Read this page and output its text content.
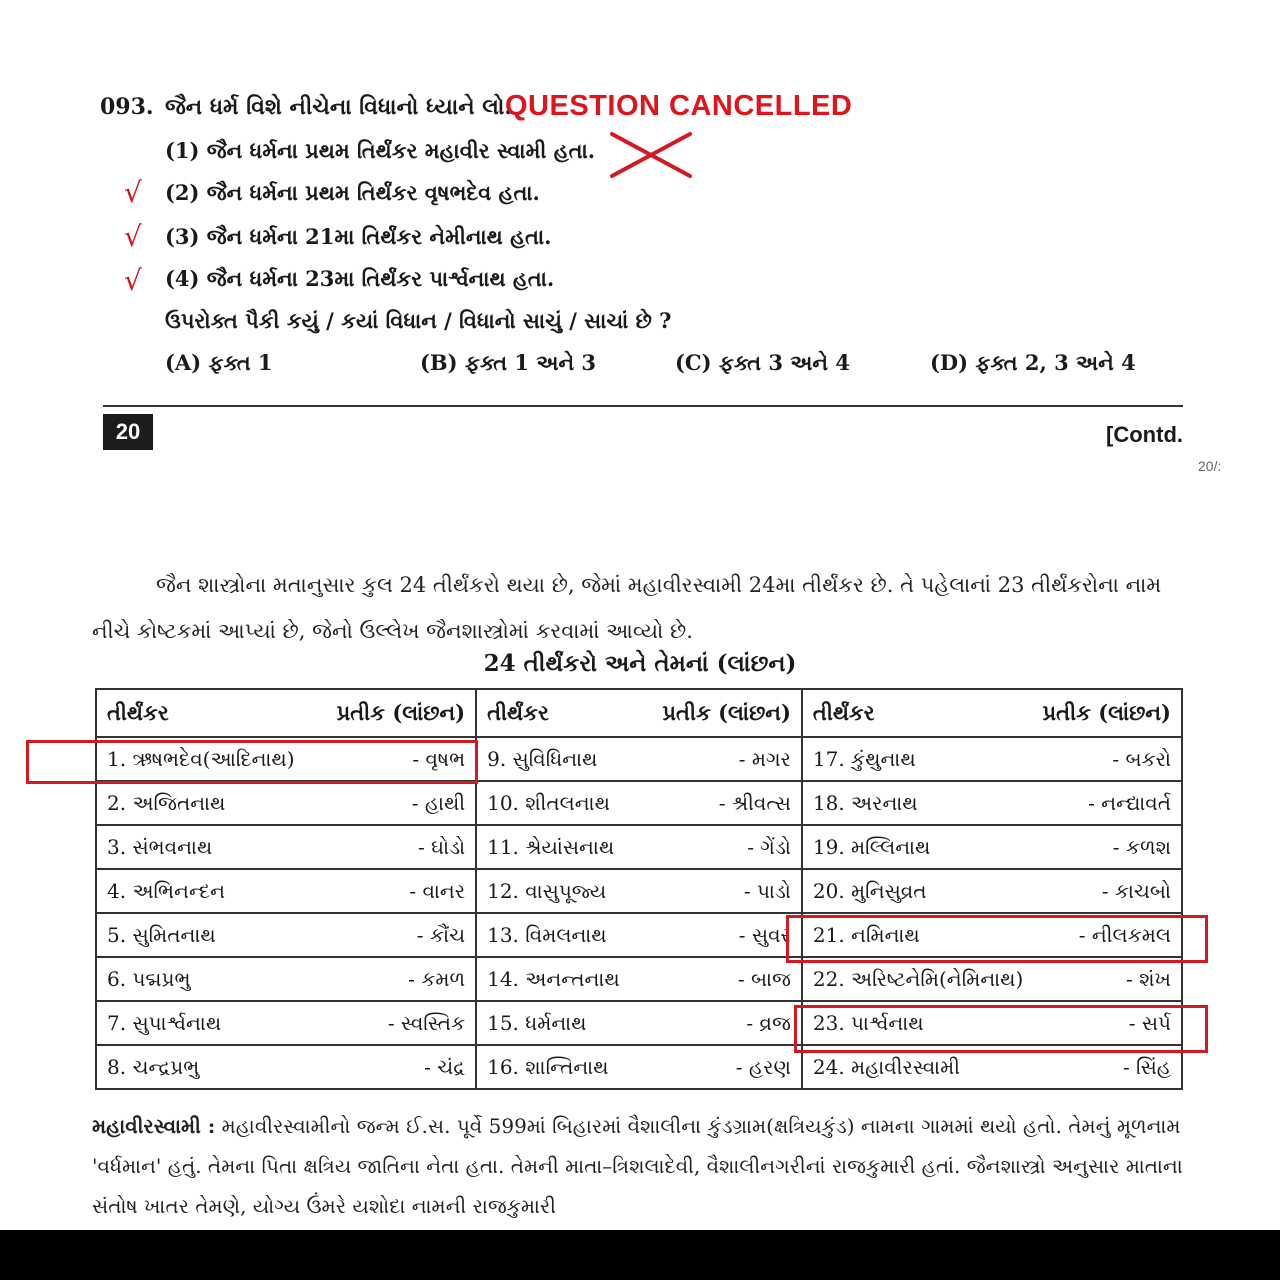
093. જૈન ધર્મ વિશે નીચેના વિધાનો ધ્યાને લો.
QUESTION CANCELLED
(1) જૈન ધર્મના પ્રથમ તિર્થંકર મહાવીર સ્વામી હતા.
√ (2) જૈન ધર્મના પ્રથમ તિર્થંકર વૃષભદેવ હતા.
√ (3) જૈન ધર્મના 21મા તિર્થંકર નેમીનાથ હતા.
√ (4) જૈન ધર્મના 23મા તિર્થંકર પાર્શ્વનાથ હતા.
ઉપરોક્ત પૈકી કયું / કયાં વિધાન / વિધાનો સાચું / સાચાં છે ?
(A) ફક્ત 1	(B) ફક્ત 1 અને 3	(C) ફક્ત 3 અને 4	(D) ફક્ત 2, 3 અને 4
20	[Contd.
20/:
જૈન શાસ્ત્રોના મતાનુસાર કુલ 24 તીર્થંકરો થયા છે, જેમાં મહાવીરસ્વામી 24મા તીર્થંકર છે. તે પહેલાનાં 23 તીર્થંકરોના નામ નીચે કોષ્ટકમાં આપ્યાં છે, જેનો ઉલ્લેખ જૈનશાસ્ત્રોમાં કરવામાં આવ્યો છે.
24 તીર્થંકરો અને તેમનાં (લાંછન)
તીર્થંકર પ્રતીક (લાંછન)	તીર્થંકર પ્રતીક (લાંછન)	તીર્થંકર પ્રતીક (લાંછન)

1. ઋષભદેવ(આદિનાથ) - વૃષભ	9. સુવિધિનાથ - મગર	17. કુંથુનાથ - બકરો

2. અજિતનાથ - હાથી	10. શીતલનાથ - શ્રીવત્સ	18. અરનાથ - નન્દ્યાવર્ત

3. સંભવનાથ - ઘોડો	11. શ્રેયાંસનાથ - ગેંડો	19. મલ્લિનાથ - કળશ

4. અભિનન્દન - વાનર	12. વાસુપૂજ્ય - પાડો	20. મુનિસુવ્રત - કાચબો

5. સુમિતનાથ - કૌંચ	13. વિમલનાથ - સુવર	21. નમિનાથ - નીલકમલ

6. પદ્મપ્રભુ - કમળ	14. અનન્તનાથ - બાજ	22. અરિષ્ટનેમિ(નેમિનાથ) - શંખ

7. સુપાર્શ્વનાથ - સ્વસ્તિક	15. ધર્મનાથ - વ્રજ	23. પાર્શ્વનાથ - સર્પ

8. ચન્દ્રપ્રભુ - ચંદ્ર	16. શાન્તિનાથ - હરણ	24. મહાવીરસ્વામી - સિંહ
મહાવીરસ્વામી : મહાવીરસ્વામીનો જન્મ ઈ.સ. પૂર્વે 599માં બિહારમાં વૈશાલીના કુંડગ્રામ(ક્ષત્રિયકુંડ) નામના ગામમાં થયો હતો. તેમનું મૂળનામ 'વર્ધમાન' હતું. તેમના પિતા ક્ષત્રિય જાતિના નેતા હતા. તેમની માતા–ત્રિશલાદેવી, વૈશાલીનગરીનાં રાજકુમારી હતાં. જૈનશાસ્ત્રો અનુસાર માતાના સંતોષ ખાતર તેમણે, યોગ્ય ઉંમરે યશોદા નામની રાજકુમારી
